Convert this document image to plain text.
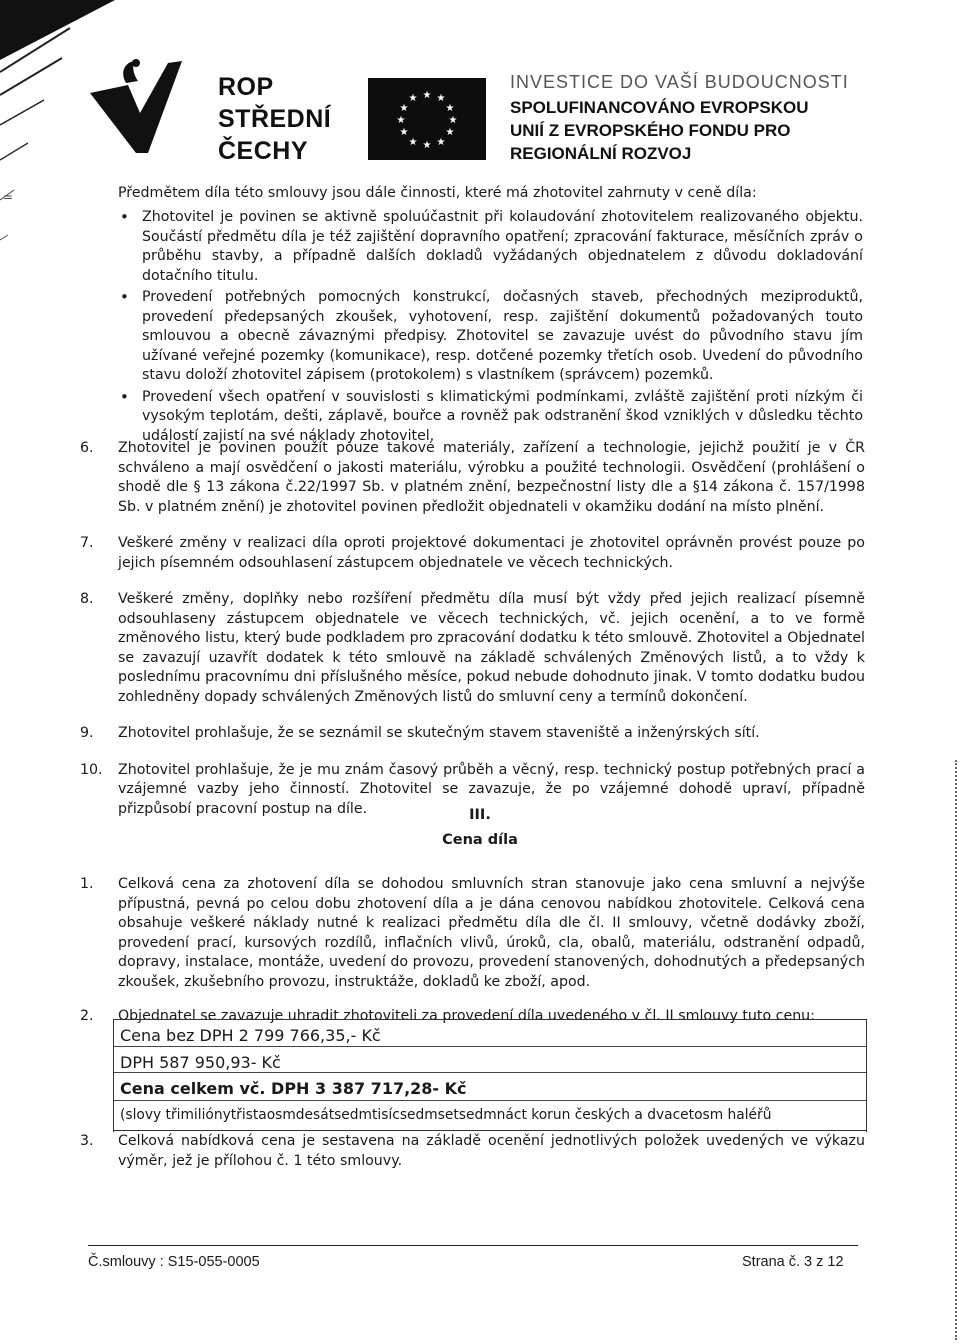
=
ROP
STŘEDNÍ
ČECHY
★ ★
★
★
★
★
★
★
★
★
★
★
INVESTICE DO VAŠÍ BUDOUCNOSTI
SPOLUFINANCOVÁNO EVROPSKOU
UNIÍ Z EVROPSKÉHO FONDU PRO
REGIONÁLNÍ ROZVOJ

Předmětem díla této smlouvy jsou dále činnosti, které má zhotovitel zahrnuty v ceně díla:

• Zhotovitel je povinen se aktivně spoluúčastnit při kolaudování zhotovitelem realizovaného objektu. Součástí předmětu díla je též zajištění dopravního opatření; zpracování fakturace, měsíčních zpráv o průběhu stavby, a případně dalších dokladů vyžádaných objednatelem z důvodu dokladování dotačního titulu.
• Provedení potřebných pomocných konstrukcí, dočasných staveb, přechodných meziproduktů, provedení předepsaných zkoušek, vyhotovení, resp. zajištění dokumentů požadovaných touto smlouvou a obecně závaznými předpisy. Zhotovitel se zavazuje uvést do původního stavu jím užívané veřejné pozemky (komunikace), resp. dotčené pozemky třetích osob. Uvedení do původního stavu doloží zhotovitel zápisem (protokolem) s vlastníkem (správcem) pozemků.
• Provedení všech opatření v souvislosti s klimatickými podmínkami, zvláště zajištění proti nízkým či vysokým teplotám, dešti, záplavě, bouřce a rovněž pak odstranění škod vzniklých v důsledku těchto událostí zajistí na své náklady zhotovitel.
6.	Zhotovitel je povinen použít pouze takové materiály, zařízení a technologie, jejichž použití je v ČR schváleno a mají osvědčení o jakosti materiálu, výrobku a použité technologii. Osvědčení (prohlášení o shodě dle § 13 zákona č.22/1997 Sb. v platném znění, bezpečnostní listy dle a §14 zákona č. 157/1998 Sb. v platném znění) je zhotovitel povinen předložit objednateli v okamžiku dodání na místo plnění.
7.	Veškeré změny v realizaci díla oproti projektové dokumentaci je zhotovitel oprávněn provést pouze po jejich písemném odsouhlasení zástupcem objednatele ve věcech technických.
8.	Veškeré změny, doplňky nebo rozšíření předmětu díla musí být vždy před jejich realizací písemně odsouhlaseny zástupcem objednatele ve věcech technických, vč. jejich ocenění, a to ve formě změnového listu, který bude podkladem pro zpracování dodatku k této smlouvě. Zhotovitel a Objednatel se zavazují uzavřít dodatek k této smlouvě na základě schválených Změnových listů, a to vždy k poslednímu pracovnímu dni příslušného měsíce, pokud nebude dohodnuto jinak. V tomto dodatku budou zohledněny dopady schválených Změnových listů do smluvní ceny a termínů dokončení.
9.	Zhotovitel prohlašuje, že se seznámil se skutečným stavem staveniště a inženýrských sítí.
10.	Zhotovitel prohlašuje, že je mu znám časový průběh a věcný, resp. technický postup potřebných prací a vzájemné vazby jeho činností. Zhotovitel se zavazuje, že po vzájemné dohodě upraví, případně přizpůsobí pracovní postup na díle.	III.
Cena díla
1.	Celková cena za zhotovení díla se dohodou smluvních stran stanovuje jako cena smluvní a nejvýše přípustná, pevná po celou dobu zhotovení díla a je dána cenovou nabídkou zhotovitele. Celková cena obsahuje veškeré náklady nutné k realizaci předmětu díla dle čl. II smlouvy, včetně dodávky zboží, provedení prací, kursových rozdílů, inflačních vlivů, úroků, cla, obalů, materiálu, odstranění odpadů, dopravy, instalace, montáže, uvedení do provozu, provedení stanovených, dohodnutých a předepsaných zkoušek, zkušebního provozu, instruktáže, dokladů ke zboží, apod.
2.	Objednatel se zavazuje uhradit zhotoviteli za provedení díla uvedeného v čl. II smlouvy tuto cenu:
Cena bez DPH 2 799 766,35,- Kč
DPH 587 950,93- Kč
Cena celkem vč. DPH 3 387 717,28- Kč
(slovy třimiliónytřistaosmdesátsedmtisícsedmsetsedmnáct korun českých a dvacetosm haléřů
3.	Celková nabídková cena je sestavena na základě ocenění jednotlivých položek uvedených ve výkazu výměr, jež je přílohou č. 1 této smlouvy.
Č.smlouvy : S15-055-0005	Strana č. 3 z 12
